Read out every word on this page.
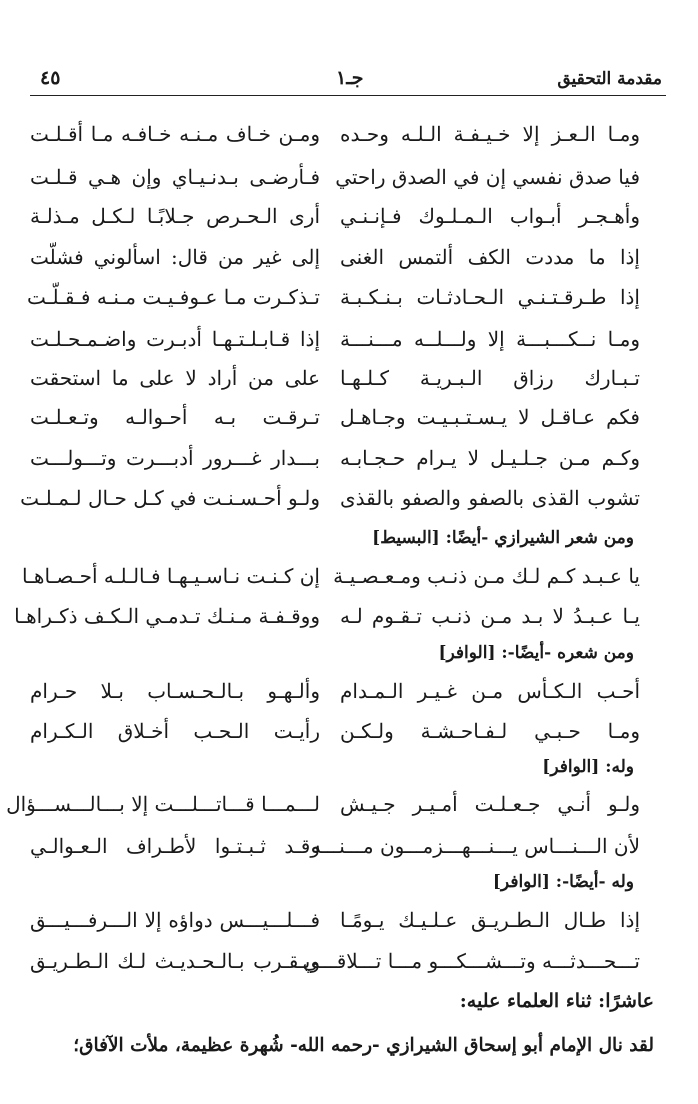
مقدمة التحقيق
جـ١
٤٥
ومـا الـعـز إلا خـيـفـة الـلـه وحـده
ومـن خـاف مـنـه خـافـه مـا أقـلـت
فيا صدق نفسي إن في الصدق راحتي
فـأرضـى بـدنـيـاي وإن هـي قـلـت
وأهـجـر أبـواب الـمـلـوك فـإنـنـي
أرى الـحـرص جـلابًـا لـكـل مـذلـة
إذا ما مددت الكف ألتمس الغنى
إلى غير من قال: اسألوني فشلّت
إذا طـرقـتـنـي الـحـادثـات بـنـكـبـة
تـذكـرت مـا عـوفـيـت مـنـه فـقـلّـت
ومـا نــكـــبـــة إلا ولـــلــه مـــنـــة
إذا قـابـلـتـهـا أدبـرت واضـمـحـلـت
تـبـارك رزاق الـبـريـة كـلـهـا
على من أراد لا على ما استحقت
فكم عـاقـل لا يـسـتـبـيـت وجـاهـل
تـرقـت بـه أحـوالـه وتـعـلـت
وكـم مـن جـلـيـل لا يـرام حـجـابـه
بـــدار غـــرور أدبـــرت وتـــولـــت
تشوب القذى بالصفو والصفو بالقذى
ولـو أحـسـنـت في كـل حـال لـمـلـت
ومن شعر الشيرازي -أيضًا: [البسيط]
يا عـبـد كـم لـك مـن ذنـب ومـعـصـيـة
إن كـنـت نـاسـيـهـا فـالـلـه أحـصـاهـا
يـا عـبـدُ لا بـد مـن ذنـب تـقـوم لـه
ووقـفـة مـنـك تـدمـي الـكـف ذكـراهـا
ومن شعره -أيضًا-: [الوافر]
أحـب الـكـأس مـن غـيـر الـمـدام
وألـهـو بـالـحـسـاب بـلا حـرام
ومـا حـبـي لـفـاحـشـة ولـكـن
رأيـت الـحـب أخـلاق الـكـرام
وله: [الوافر]
ولـو أنـي جـعـلـت أمـيـر جـيـش
لـــمـــا قـــاتـــلـــت إلا بـــالـــســـؤال
لأن الـــنـــاس يـــنـــهـــزمـــون مـــنـــه
وقـد ثـبـتـوا لأطـراف الـعـوالـي
وله -أيضًا-: [الوافر]
إذا طـال الـطـريـق عـلـيـك يـومًـا
فـــلـــيـــس دواؤه إلا الـــرفـــيـــق
تـــحـــدثـــه وتـــشـــكـــو مـــا تـــلاقـــي
ويـقـرب بـالـحـديـث لـك الـطـريـق
عاشرًا: ثناء العلماء عليه:
لقد نال الإمام أبو إسحاق الشيرازي -رحمه الله- شُهرة عظيمة، ملأت الآفاق؛
